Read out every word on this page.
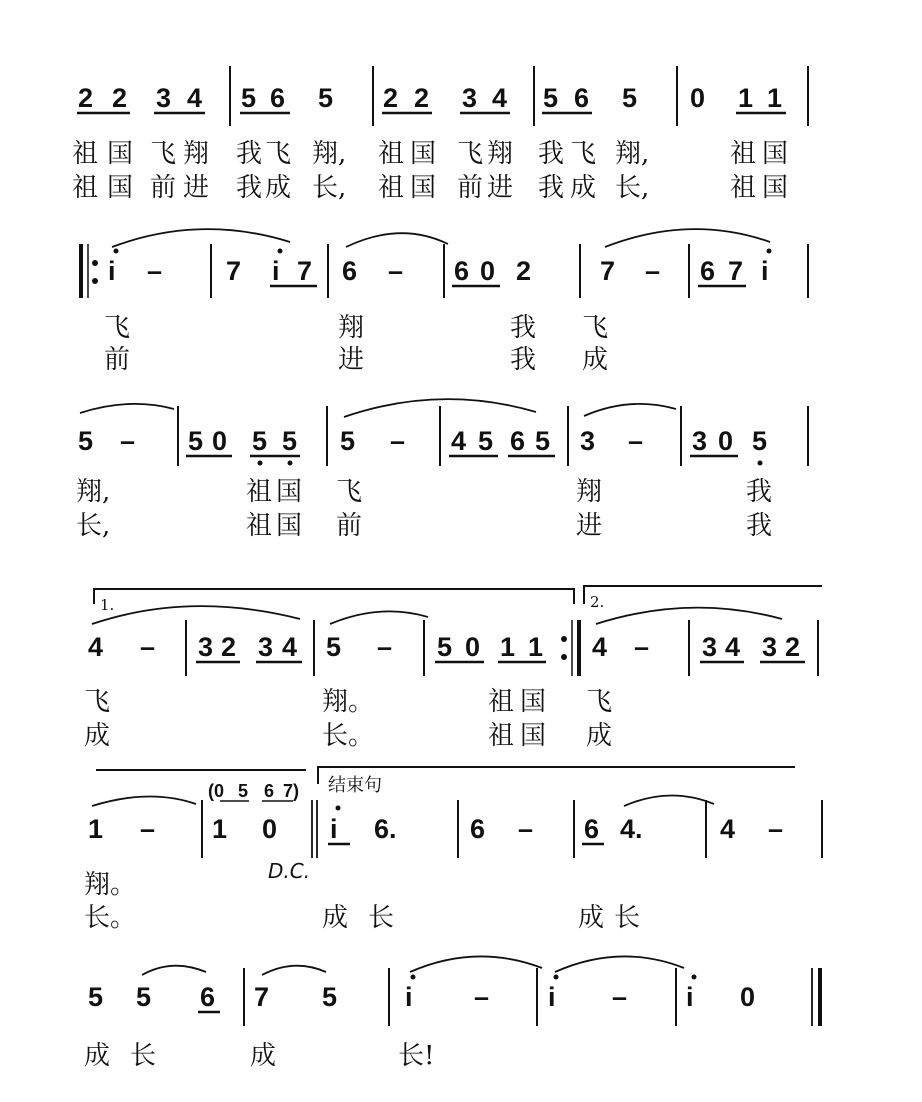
2 2 3 4 5 6 5 2 2 3 4 5 6 5 0 1 1
祖 国 飞 翔 我 飞 翔, 祖 国 飞 翔 我 飞 翔,	祖 国
祖 国 前 进 我 成 长, 祖 国 前 进 我 成 长,	祖 国
i – 7 i 7 6 – 6 0 2	7 – 6 7 i
飞	翔	我 飞
前	进	我 成
5 – 5 0 5 5 5 – 4 5 6 5 3 – 3 0 5
翔,	祖 国 飞	翔	我
长,	祖 国 前	进	我
1.	2.
4 – 3 2 3 4 5 – 5 0 1 1 4 – 3 4 3 2
飞	翔。	祖 国 飞
成	长。	祖 国 成
结束句
(0 5 6 7)
1 – 1 0 i 6.	6 – 6 4.	4 –
D.C.
翔。
长。	成 长	成 长
5 5 6 7 5	i – i – i 0
成 长	成	长!
